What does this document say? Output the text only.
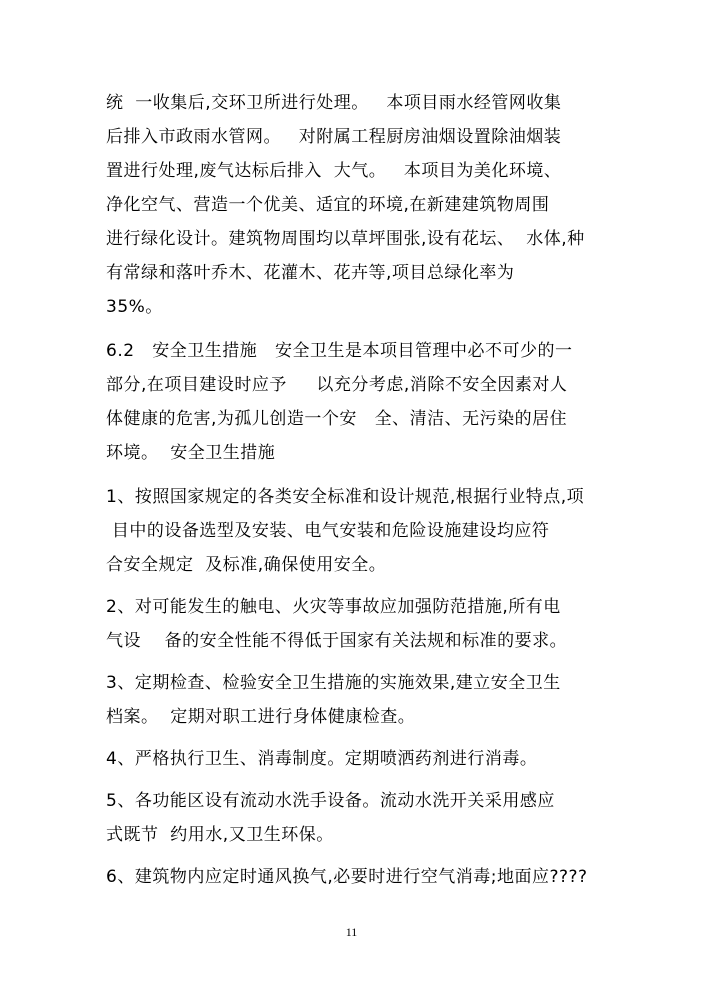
统  一收集后,交环卫所进行处理。   本项目雨水经管网收集
后排入市政雨水管网。   对附属工程厨房油烟设置除油烟装
置进行处理,废气达标后排入  大气。   本项目为美化环境、
净化空气、营造一个优美、适宜的环境,在新建建筑物周围
进行绿化设计。建筑物周围均以草坪围张,设有花坛、  水体,种
有常绿和落叶乔木、花灌木、花卉等,项目总绿化率为
35%。
6.2   安全卫生措施   安全卫生是本项目管理中必不可少的一
部分,在项目建设时应予     以充分考虑,消除不安全因素对人
体健康的危害,为孤儿创造一个安   全、清洁、无污染的居住
环境。  安全卫生措施
1、按照国家规定的各类安全标准和设计规范,根据行业特点,项
目中的设备选型及安装、电气安装和危险设施建设均应符
合安全规定  及标准,确保使用安全。
2、对可能发生的触电、火灾等事故应加强防范措施,所有电
气设    备的安全性能不得低于国家有关法规和标准的要求。
3、定期检查、检验安全卫生措施的实施效果,建立安全卫生
档案。  定期对职工进行身体健康检查。
4、严格执行卫生、消毒制度。定期喷洒药剂进行消毒。
5、各功能区设有流动水洗手设备。流动水洗开关采用感应
式既节  约用水,又卫生环保。
6、建筑物内应定时通风换气,必要时进行空气消毒;地面应????
11
